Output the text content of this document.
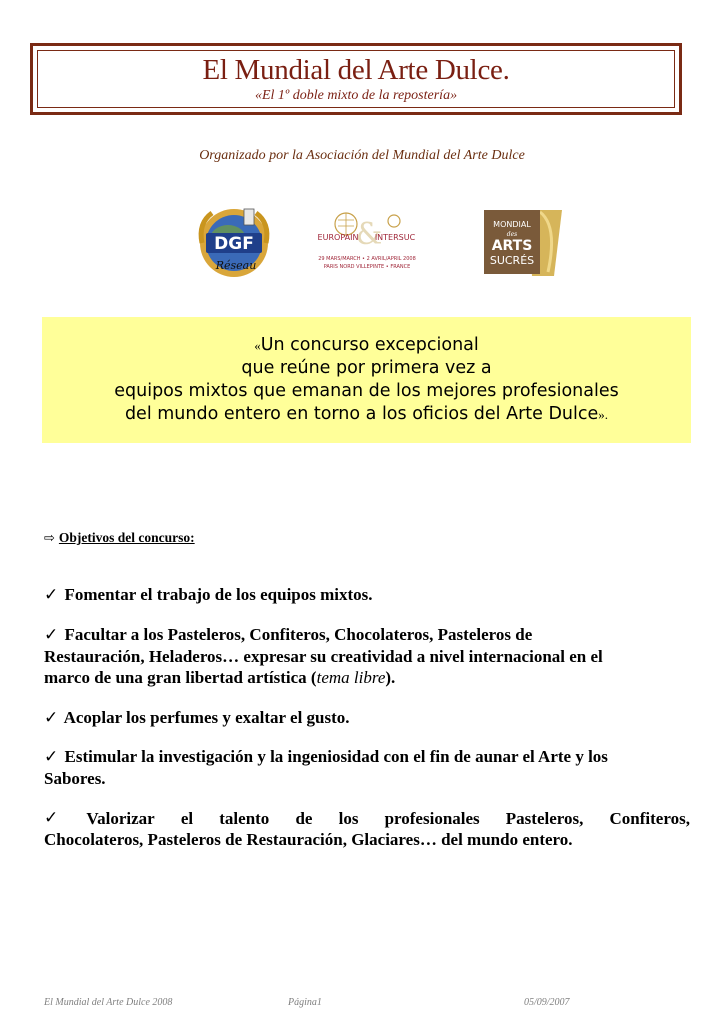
El Mundial del Arte Dulce.
«El 1º doble mixto de la repostería»
Organizado por la Asociación del Mundial del Arte Dulce
DGF
Réseau
&
EUROPAIN INTERSUC
29 MARS/MARCH • 2 AVRIL/APRIL 2008
PARIS NORD VILLEPINTE • FRANCE
MONDIAL
des
ARTS
SUCRÉS
«Un concurso excepcional
que reúne por primera vez a
equipos mixtos que emanan de los mejores profesionales
del mundo entero en torno a los oficios del Arte Dulce».
⇨ Objetivos del concurso:
✓ Fomentar el trabajo de los equipos mixtos.
✓ Facultar a los Pasteleros, Confiteros, Chocolateros, Pasteleros de
Restauración, Heladeros… expresar su creatividad a nivel internacional en el
marco de una gran libertad artística (tema libre).
✓ Acoplar los perfumes y exaltar el gusto.
✓ Estimular la investigación y la ingeniosidad con el fin de aunar el Arte y los
Sabores.
✓ Valorizar el talento de los profesionales Pasteleros, Confiteros,
Chocolateros, Pasteleros de Restauración, Glaciares… del mundo entero.
El Mundial del Arte Dulce 2008	Página1	05/09/2007
